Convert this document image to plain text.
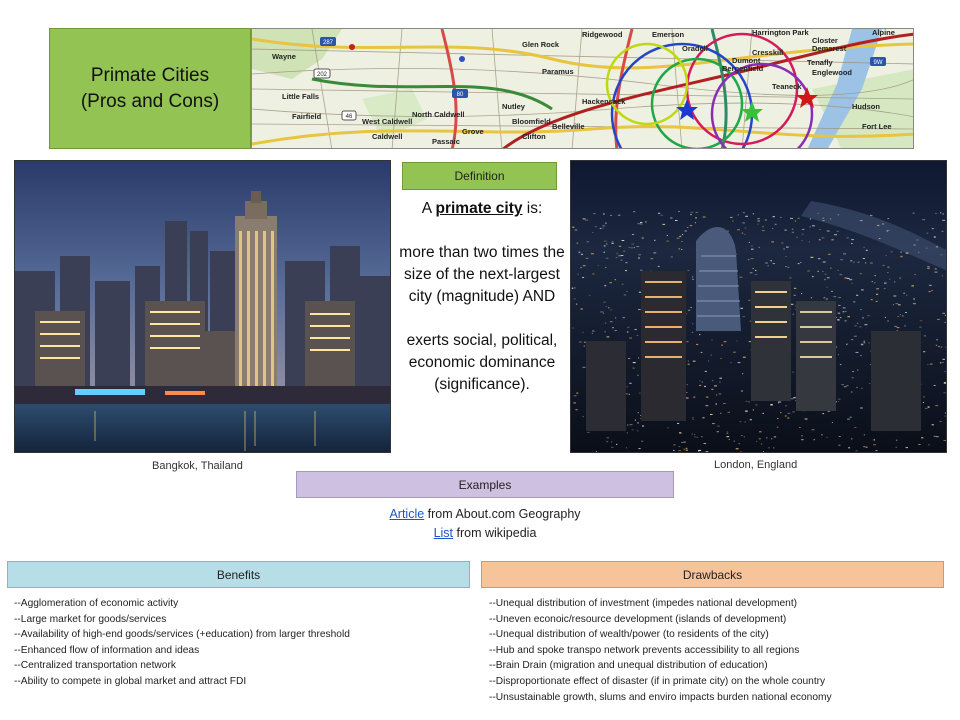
Primate Cities
(Pros and Cons)
287
202
80
46
9W
Ridgewood
Glen Rock
Emerson	Harrington Park	Alpine
Closter
Demarest
Cresskill
Tenafly
Englewood
Bergenfield
Dumont
Paramus
Hackensack
Passaic
Clifton
West Caldwell
Caldwell
Bloomfield
North Caldwell
Little Falls
Grove
Belleville
Nutley
Wayne
Fairfield
Teaneck
Hudson
Oradell
Fort Lee
Bangkok, Thailand	London, England
Definition

A primate city is:

more than two times the size of the next-largest city (magnitude) AND

exerts social, political, economic dominance (significance).

Examples
Article from About.com Geography
List from wikipedia
Benefits
--Agglomeration of economic activity
--Large market for goods/services
--Availability of high-end goods/services (+education) from larger threshold
--Enhanced flow of information and ideas
--Centralized transportation network
--Ability to compete in global market and attract FDI
Drawbacks
--Unequal distribution of investment (impedes national development)
--Uneven econoic/resource development (islands of development)
--Unequal distribution of wealth/power (to residents of the city)
--Hub and spoke transpo network prevents accessibility to all regions
--Brain Drain (migration and unequal distribution of education)
--Disproportionate effect of disaster (if in primate city) on the whole country
--Unsustainable growth, slums and enviro impacts burden national economy
